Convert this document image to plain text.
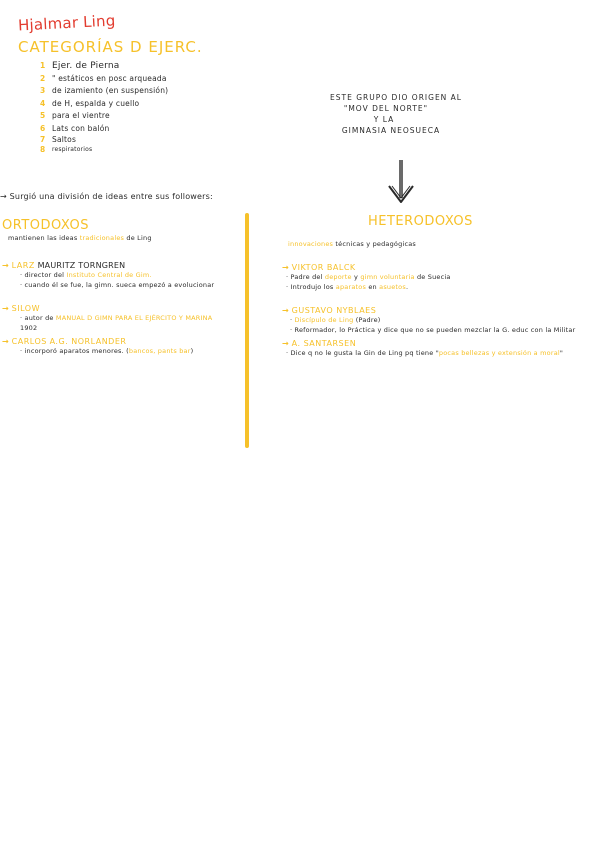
Hjalmar Ling
CATEGORÍAS D EJERC.
1 Ejer. de Pierna
2 " estáticos en posc arqueada
3 de izamiento (en suspensión)
4 de H, espalda y cuello
5 para el vientre
6 Lats con balón
7 Saltos
8 respiratorios
ESTE GRUPO DIO ORIGEN AL
"MOV DEL NORTE"
Y LA
GIMNASIA NEOSUECA
→ Surgió una división de ideas entre sus followers:
ORTODOXOS
mantienen las ideas tradicionales de Ling
→ LARZ MAURITZ TORNGREN
· director del Instituto Central de Gim.
· cuando él se fue, la gimn. sueca empezó a evolucionar
→ SILOW
· autor de MANUAL D GIMN PARA EL EJÉRCITO Y MARINA
1902
→ CARLOS A.G. NORLANDER
· incorporó aparatos menores. (bancos, pants bar)
HETERODOXOS
innovaciones técnicas y pedagógicas
→ VIKTOR BALCK
· Padre del deporte y gimn voluntaria de Suecia
· Introdujo los aparatos en asuetos.
→ GUSTAVO NYBLAES
· Discípulo de Ling (Padre)
· Reformador, lo Práctica y dice que no se pueden mezclar la G. educ con la Militar
→ A. SANTARSEN
· Dice q no le gusta la Gin de Ling pq tiene "pocas bellezas y extensión a moral"
